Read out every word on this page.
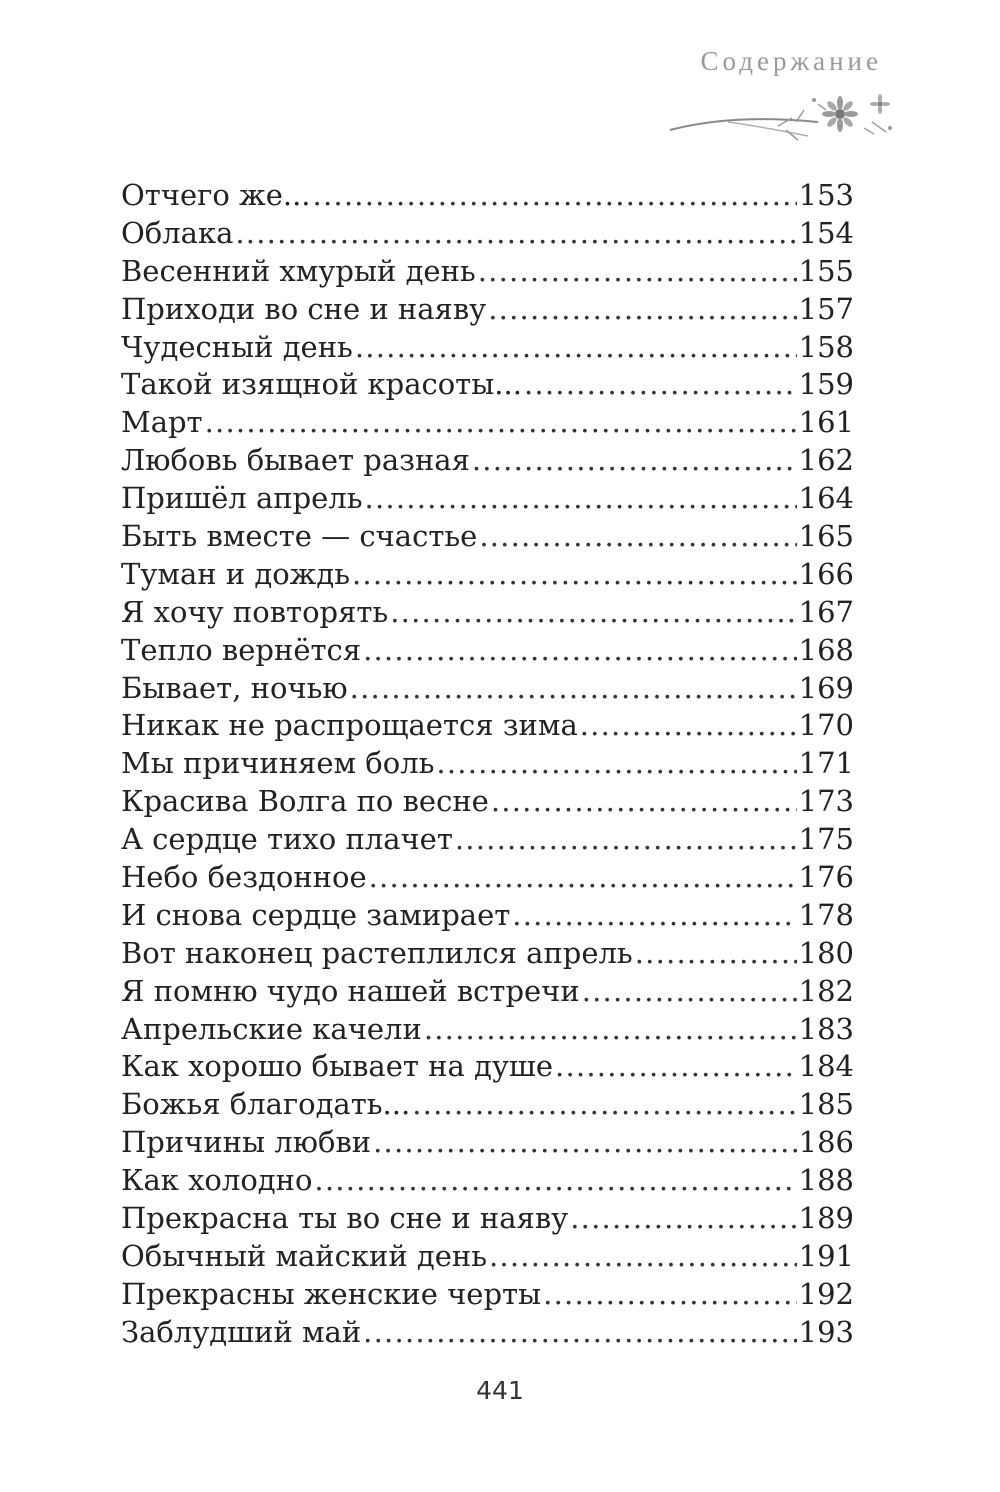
Содержание
Отчего же... . . .	153
Облака . . .	154
Весенний хмурый день . . .	155
Приходи во сне и наяву . . .	157
Чудесный день . . .	158
Такой изящной красоты... . . .	159
Март . . .	161
Любовь бывает разная . . .	162
Пришёл апрель . . .	164
Быть вместе — счастье . . .	165
Туман и дождь . . .	166
Я хочу повторять . . .	167
Тепло вернётся . . .	168
Бывает, ночью . . .	169
Никак не распрощается зима . . .	170
Мы причиняем боль . . .	171
Красива Волга по весне . . .	173
А сердце тихо плачет . . .	175
Небо бездонное . . .	176
И снова сердце замирает . . .	178
Вот наконец растеплился апрель . . .	180
Я помню чудо нашей встречи . . .	182
Апрельские качели . . .	183
Как хорошо бывает на душе . . .	184
Божья благодать... . . .	185
Причины любви . . .	186
Как холодно . . .	188
Прекрасна ты во сне и наяву . . .	189
Обычный майский день . . .	191
Прекрасны женские черты . . .	192
Заблудший май . . .	193
441
